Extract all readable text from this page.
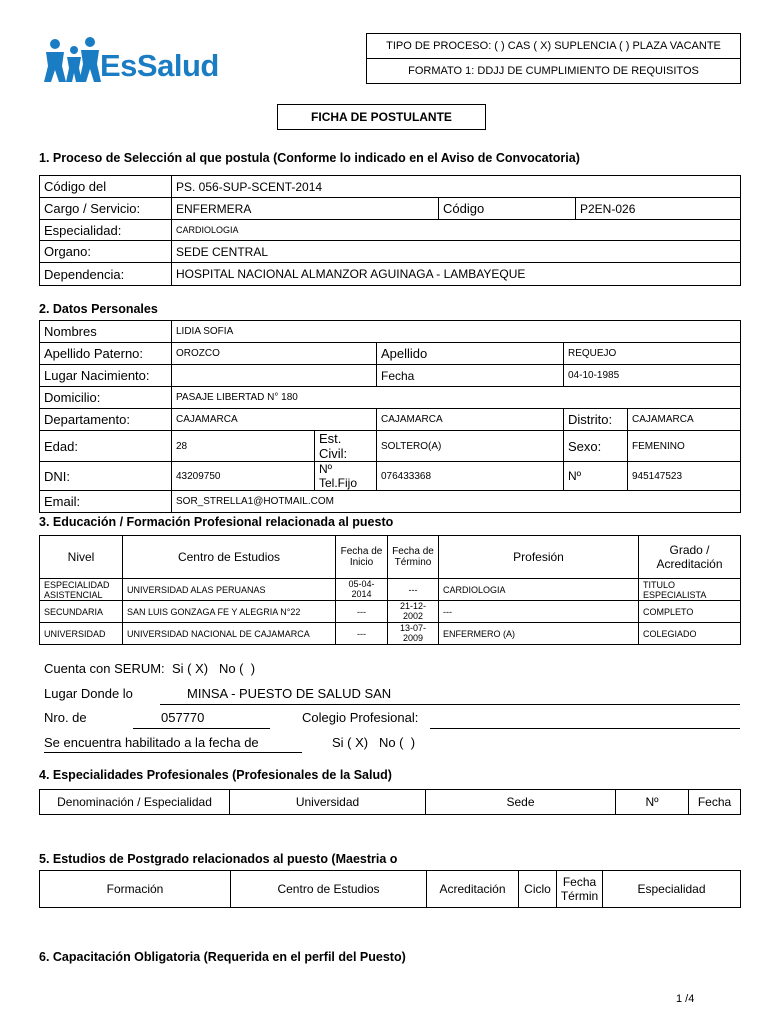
EsSalud
TIPO DE PROCESO: ( ) CAS ( X) SUPLENCIA ( ) PLAZA VACANTE
FORMATO 1: DDJJ DE CUMPLIMIENTO DE REQUISITOS
FICHA DE POSTULANTE
1. Proceso de Selección al que postula (Conforme lo indicado en el Aviso de Convocatoria)
Código del	PS. 056-SUP-SCENT-2014		
Cargo / Servicio:	ENFERMERA	Código	P2EN-026
Especialidad:	CARDIOLOGIA		
Organo:	SEDE CENTRAL		
Dependencia:	HOSPITAL NACIONAL ALMANZOR AGUINAGA - LAMBAYEQUE		
2. Datos Personales
Nombres	LIDIA SOFIA				
Apellido Paterno:	OROZCO		Apellido	REQUEJO	
Lugar Nacimiento:			Fecha	04-10-1985	
Domicilio:	PASAJE LIBERTAD N° 180				
Departamento:	CAJAMARCA		CAJAMARCA	Distrito:	CAJAMARCA
Edad:	28	Est. Civil:	SOLTERO(A)	Sexo:	FEMENINO
DNI:	43209750	Nº Tel.Fijo	076433368	Nº	945147523
Email:	SOR_STRELLA1@HOTMAIL.COM				
3. Educación / Formación Profesional relacionada al puesto
Nivel	Centro de Estudios	Fecha de Inicio	Fecha de Término	Profesión	Grado / Acreditación
ESPECIALIDAD ASISTENCIAL	UNIVERSIDAD ALAS PERUANAS	05-04-2014	---	CARDIOLOGIA	TITULO ESPECIALISTA
SECUNDARIA	SAN LUIS GONZAGA FE Y ALEGRIA N°22	---	21-12-2002	---	COMPLETO
UNIVERSIDAD	UNIVERSIDAD NACIONAL DE CAJAMARCA	---	13-07-2009	ENFERMERO (A)	COLEGIADO
Cuenta con SERUM: Si ( X)   No (  )
Lugar Donde lo	MINSA - PUESTO DE SALUD SAN
Nro. de	057770	Colegio Profesional:
Se encuentra habilitado a la fecha de	Si ( X)   No (  )
4. Especialidades Profesionales (Profesionales de la Salud)
Denominación / Especialidad	Universidad	Sede	Nº	Fecha
5. Estudios de Postgrado relacionados al puesto (Maestria o
Formación	Centro de Estudios	Acreditación	Ciclo	Fecha Términ	Especialidad
6. Capacitación Obligatoria (Requerida en el perfil del Puesto)
1 /4
